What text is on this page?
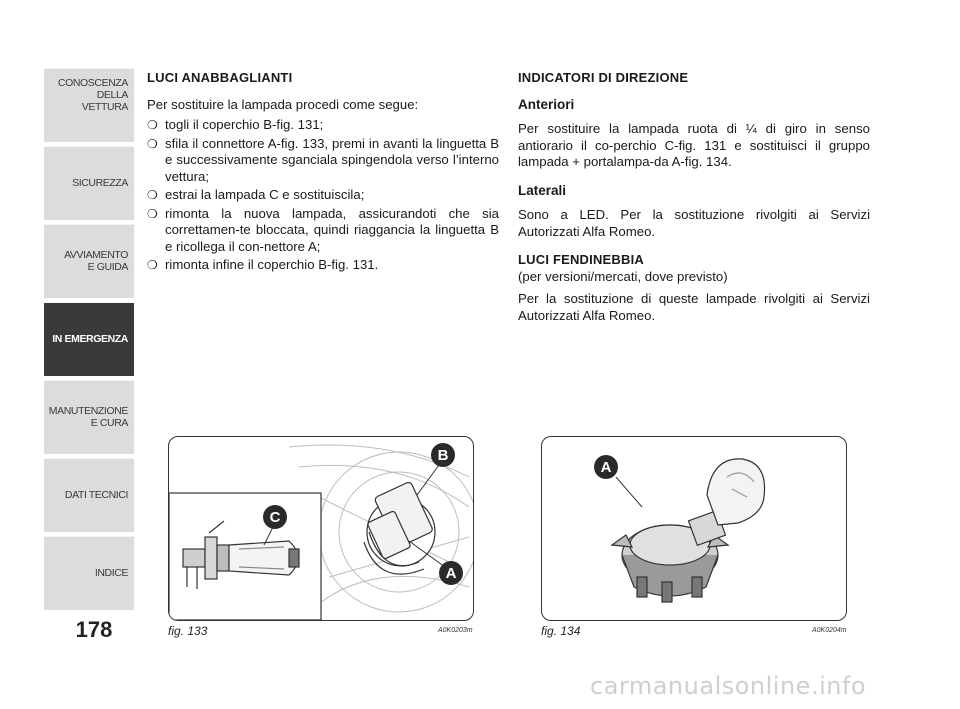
CONOSCENZA
DELLA
VETTURA
SICUREZZA
AVVIAMENTO
E GUIDA
IN EMERGENZA
MANUTENZIONE
E CURA
DATI TECNICI
INDICE
178
LUCI ANABBAGLIANTI

Per sostituire la lampada procedi come segue:

❍ togli il coperchio B-fig. 131;
❍ sfila il connettore A-fig. 133, premi in avanti la linguetta B e successivamente sganciala spingendola verso l’interno vettura;
❍ estrai la lampada C e sostituiscila;
❍ rimonta la nuova lampada, assicurandoti che sia correttamen-te bloccata, quindi riaggancia la linguetta B e ricollega il con-nettore A;
❍ rimonta infine il coperchio B-fig. 131.
INDICATORI DI DIREZIONE
Anteriori

Per sostituire la lampada ruota di ¼ di giro in senso antiorario il co-perchio C-fig. 131 e sostituisci il gruppo lampada + portalampa-da A-fig. 134.

Laterali

Sono a LED. Per la sostituzione rivolgiti ai Servizi Autorizzati Alfa Romeo.

LUCI FENDINEBBIA

(per versioni/mercati, dove previsto)

Per la sostituzione di queste lampade rivolgiti ai Servizi Autorizzati Alfa Romeo.

B
C
A
fig. 133	A0K0203m
A
fig. 134	A0K0204m
carmanualsonline.info
